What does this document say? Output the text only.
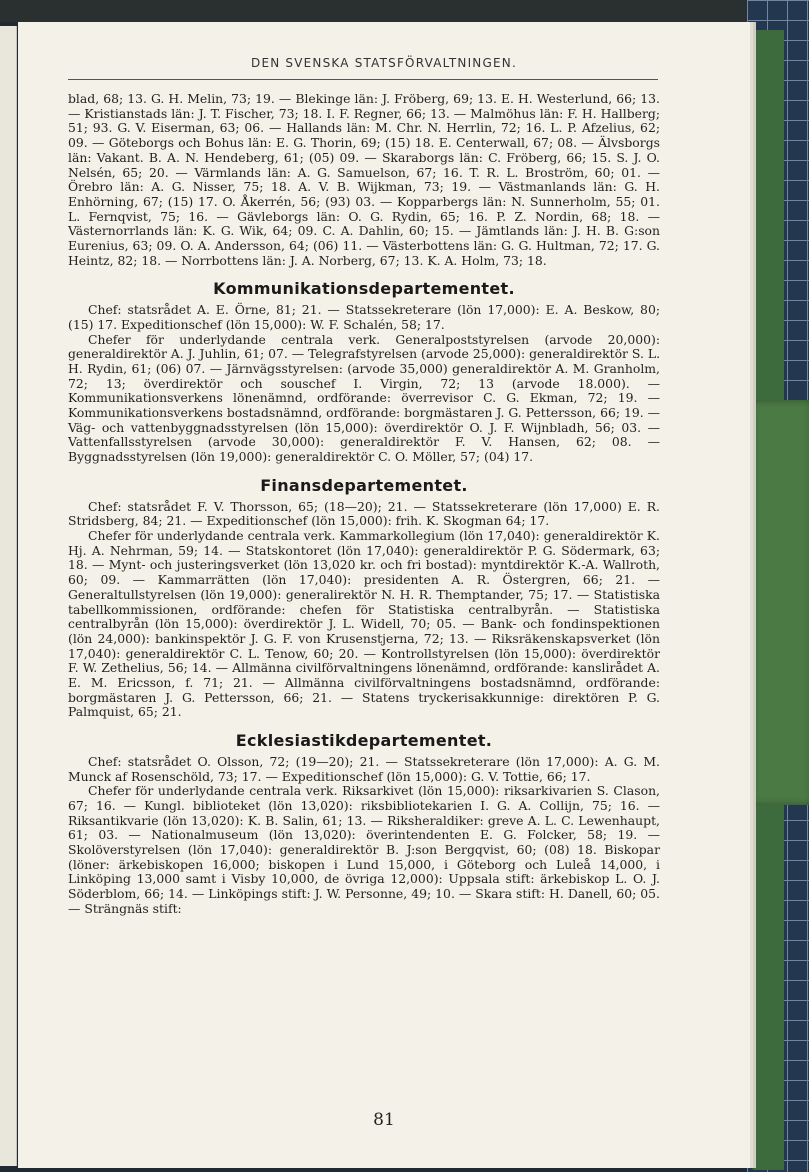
DEN SVENSKA STATSFÖRVALTNINGEN.

blad, 68; 13. G. H. Melin, 73; 19. — Blekinge län: J. Fröberg, 69; 13. E. H. Westerlund, 66; 13. — Kristianstads län: J. T. Fischer, 73; 18. I. F. Regner, 66; 13. — Malmöhus län: F. H. Hallberg; 51; 93. G. V. Eiserman, 63; 06. — Hallands län: M. Chr. N. Herrlin, 72; 16. L. P. Afzelius, 62; 09. — Göteborgs och Bohus län: E. G. Thorin, 69; (15) 18. E. Centerwall, 67; 08. — Älvsborgs län: Vakant. B. A. N. Hendeberg, 61; (05) 09. — Skaraborgs län: C. Fröberg, 66; 15. S. J. O. Nelsén, 65; 20. — Värmlands län: A. G. Samuelson, 67; 16. T. R. L. Broström, 60; 01. — Örebro län: A. G. Nisser, 75; 18. A. V. B. Wijkman, 73; 19. — Västmanlands län: G. H. Enhörning, 67; (15) 17. O. Åkerrén, 56; (93) 03. — Kopparbergs län: N. Sunnerholm, 55; 01. L. Fernqvist, 75; 16. — Gävleborgs län: O. G. Rydin, 65; 16. P. Z. Nordin, 68; 18. — Västernorrlands län: K. G. Wik, 64; 09. C. A. Dahlin, 60; 15. — Jämtlands län: J. H. B. G:son Eurenius, 63; 09. O. A. Andersson, 64; (06) 11. — Västerbottens län: G. G. Hultman, 72; 17. G. Heintz, 82; 18. — Norrbottens län: J. A. Norberg, 67; 13. K. A. Holm, 73; 18.

Kommunikationsdepartementet.

Chef: statsrådet A. E. Örne, 81; 21. — Statssekreterare (lön 17,000): E. A. Beskow, 80; (15) 17. Expeditionschef (lön 15,000): W. F. Schalén, 58; 17.

Chefer för underlydande centrala verk. Generalpoststyrelsen (arvode 20,000): generaldirektör A. J. Juhlin, 61; 07. — Telegrafstyrelsen (arvode 25,000): generaldirektör S. L. H. Rydin, 61; (06) 07. — Järnvägsstyrelsen: (arvode 35,000) generaldirektör A. M. Granholm, 72; 13; överdirektör och souschef I. Virgin, 72; 13 (arvode 18.000). — Kommunikationsverkens lönenämnd, ordförande: överrevisor C. G. Ekman, 72; 19. — Kommunikationsverkens bostadsnämnd, ordförande: borgmästaren J. G. Pettersson, 66; 19. — Väg- och vattenbyggnadsstyrelsen (lön 15,000): överdirektör O. J. F. Wijnbladh, 56; 03. — Vattenfallsstyrelsen (arvode 30,000): generaldirektör F. V. Hansen, 62; 08. — Byggnadsstyrelsen (lön 19,000): generaldirektör C. O. Möller, 57; (04) 17.

Finansdepartementet.

Chef: statsrådet F. V. Thorsson, 65; (18—20); 21. — Statssekreterare (lön 17,000) E. R. Stridsberg, 84; 21. — Expeditionschef (lön 15,000): frih. K. Skogman 64; 17.

Chefer för underlydande centrala verk. Kammarkollegium (lön 17,040): generaldirektör K. Hj. A. Nehrman, 59; 14. — Statskontoret (lön 17,040): generaldirektör P. G. Södermark, 63; 18. — Mynt- och justeringsverket (lön 13,020 kr. och fri bostad): myntdirektör K.-A. Wallroth, 60; 09. — Kammarrätten (lön 17,040): presidenten A. R. Östergren, 66; 21. — Generaltullstyrelsen (lön 19,000): generalirektör N. H. R. Themptander, 75; 17. — Statistiska tabellkommissionen, ordförande: chefen för Statistiska centralbyrån. — Statistiska centralbyrån (lön 15,000): överdirektör J. L. Widell, 70; 05. — Bank- och fondinspektionen (lön 24,000): bankinspektör J. G. F. von Krusenstjerna, 72; 13. — Riksräkenskapsverket (lön 17,040): generaldirektör C. L. Tenow, 60; 20. — Kontrollstyrelsen (lön 15,000): överdirektör F. W. Zethelius, 56; 14. — Allmänna civilförvaltningens lönenämnd, ordförande: kanslirådet A. E. M. Ericsson, f. 71; 21. — Allmänna civilförvaltningens bostadsnämnd, ordförande: borgmästaren J. G. Pettersson, 66; 21. — Statens tryckerisakkunnige: direktören P. G. Palmquist, 65; 21.

Ecklesiastikdepartementet.

Chef: statsrådet O. Olsson, 72; (19—20); 21. — Statssekreterare (lön 17,000): A. G. M. Munck af Rosenschöld, 73; 17. — Expeditionschef (lön 15,000): G. V. Tottie, 66; 17.

Chefer för underlydande centrala verk. Riksarkivet (lön 15,000): riksarkivarien S. Clason, 67; 16. — Kungl. biblioteket (lön 13,020): riksbibliotekarien I. G. A. Collijn, 75; 16. — Riksantikvarie (lön 13,020): K. B. Salin, 61; 13. — Riksheraldiker: greve A. L. C. Lewenhaupt, 61; 03. — Nationalmuseum (lön 13,020): överintendenten E. G. Folcker, 58; 19. — Skolöverstyrelsen (lön 17,040): generaldirektör B. J:son Bergqvist, 60; (08) 18. Biskopar (löner: ärkebiskopen 16,000; biskopen i Lund 15,000, i Göteborg och Luleå 14,000, i Linköping 13,000 samt i Visby 10,000, de övriga 12,000): Uppsala stift: ärkebiskop L. O. J. Söderblom, 66; 14. — Linköpings stift: J. W. Personne, 49; 10. — Skara stift: H. Danell, 60; 05. — Strängnäs stift:

81
